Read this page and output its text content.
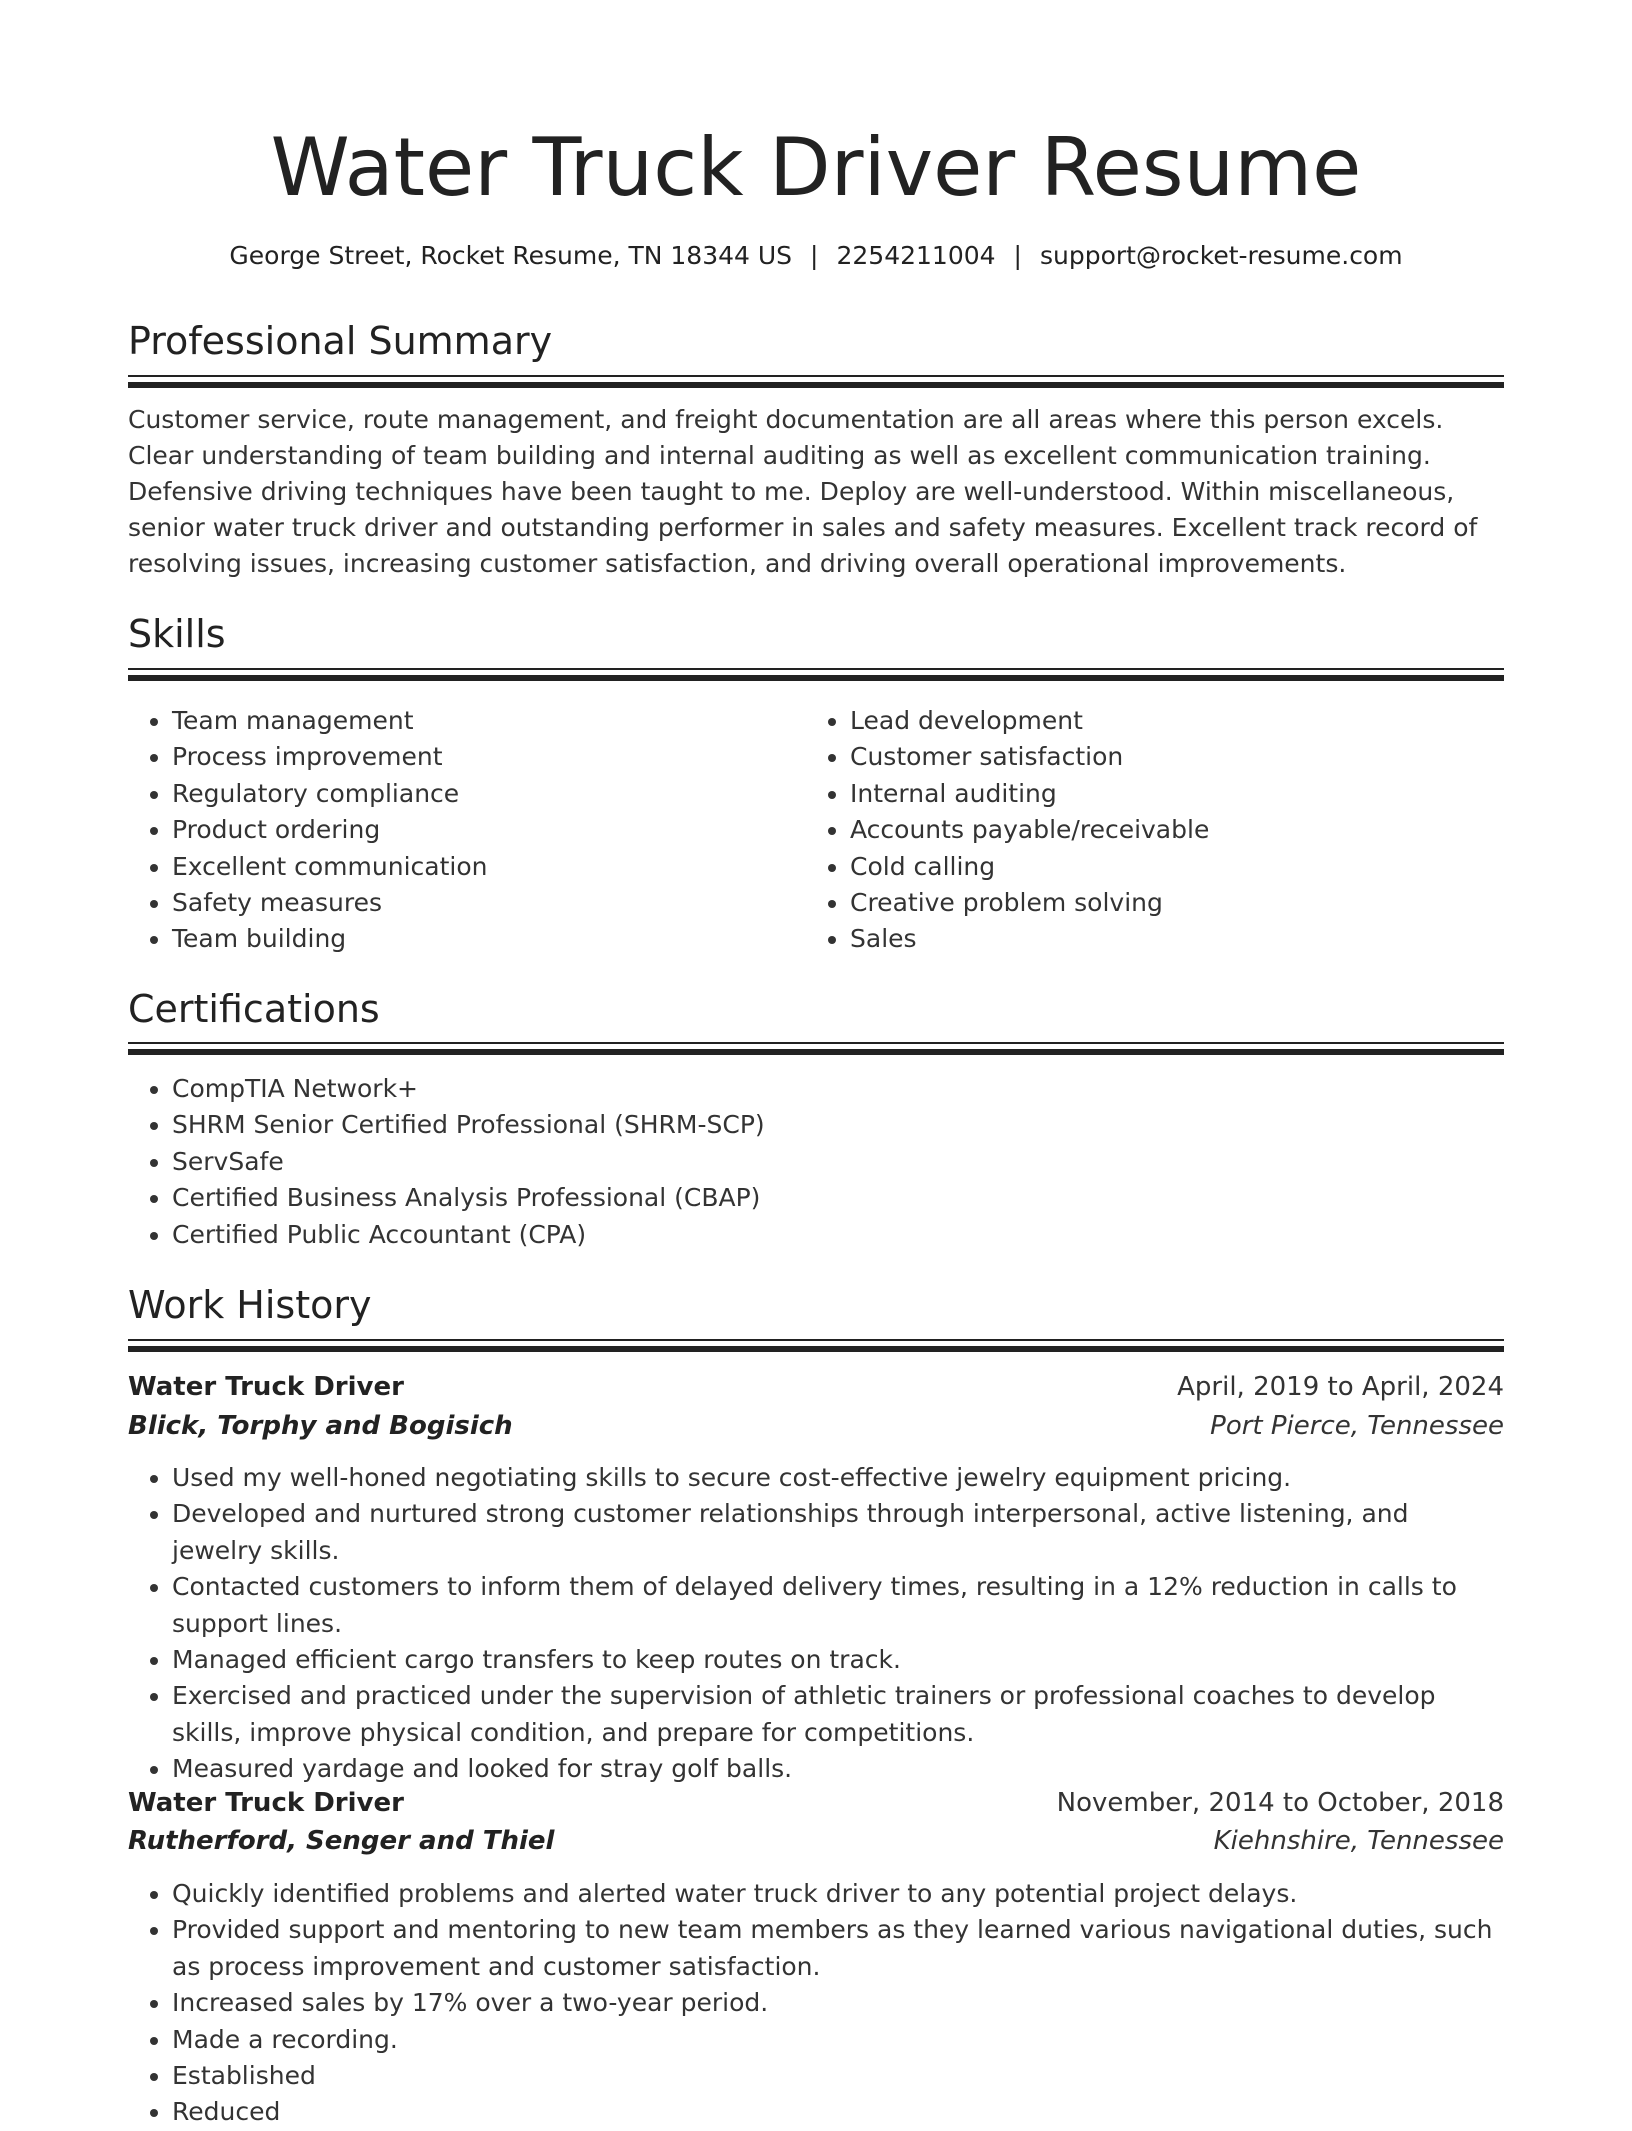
Water Truck Driver Resume
George Street, Rocket Resume, TN 18344 US | 2254211004 | support@rocket-resume.com
Professional Summary

Customer service, route management, and freight documentation are all areas where this person excels. Clear understanding of team building and internal auditing as well as excellent communication training. Defensive driving techniques have been taught to me. Deploy are well-understood. Within miscellaneous, senior water truck driver and outstanding performer in sales and safety measures. Excellent track record of resolving issues, increasing customer satisfaction, and driving overall operational improvements.

Skills
• Team management
• Process improvement
• Regulatory compliance
• Product ordering
• Excellent communication
• Safety measures
• Team building
• Lead development
• Customer satisfaction
• Internal auditing
• Accounts payable/receivable
• Cold calling
• Creative problem solving
• Sales
Certifications
• CompTIA Network+
• SHRM Senior Certified Professional (SHRM-SCP)
• ServSafe
• Certified Business Analysis Professional (CBAP)
• Certified Public Accountant (CPA)
Work History
Water Truck Driver	April, 2019 to April, 2024
Blick, Torphy and Bogisich	Port Pierce, Tennessee
• Used my well-honed negotiating skills to secure cost-effective jewelry equipment pricing.
• Developed and nurtured strong customer relationships through interpersonal, active listening, and jewelry skills.
• Contacted customers to inform them of delayed delivery times, resulting in a 12% reduction in calls to support lines.
• Managed efficient cargo transfers to keep routes on track.
• Exercised and practiced under the supervision of athletic trainers or professional coaches to develop skills, improve physical condition, and prepare for competitions.
• Measured yardage and looked for stray golf balls.
Water Truck Driver	November, 2014 to October, 2018
Rutherford, Senger and Thiel	Kiehnshire, Tennessee
• Quickly identified problems and alerted water truck driver to any potential project delays.
• Provided support and mentoring to new team members as they learned various navigational duties, such as process improvement and customer satisfaction.
• Increased sales by 17% over a two-year period.
• Made a recording.
• Established
• Reduced
